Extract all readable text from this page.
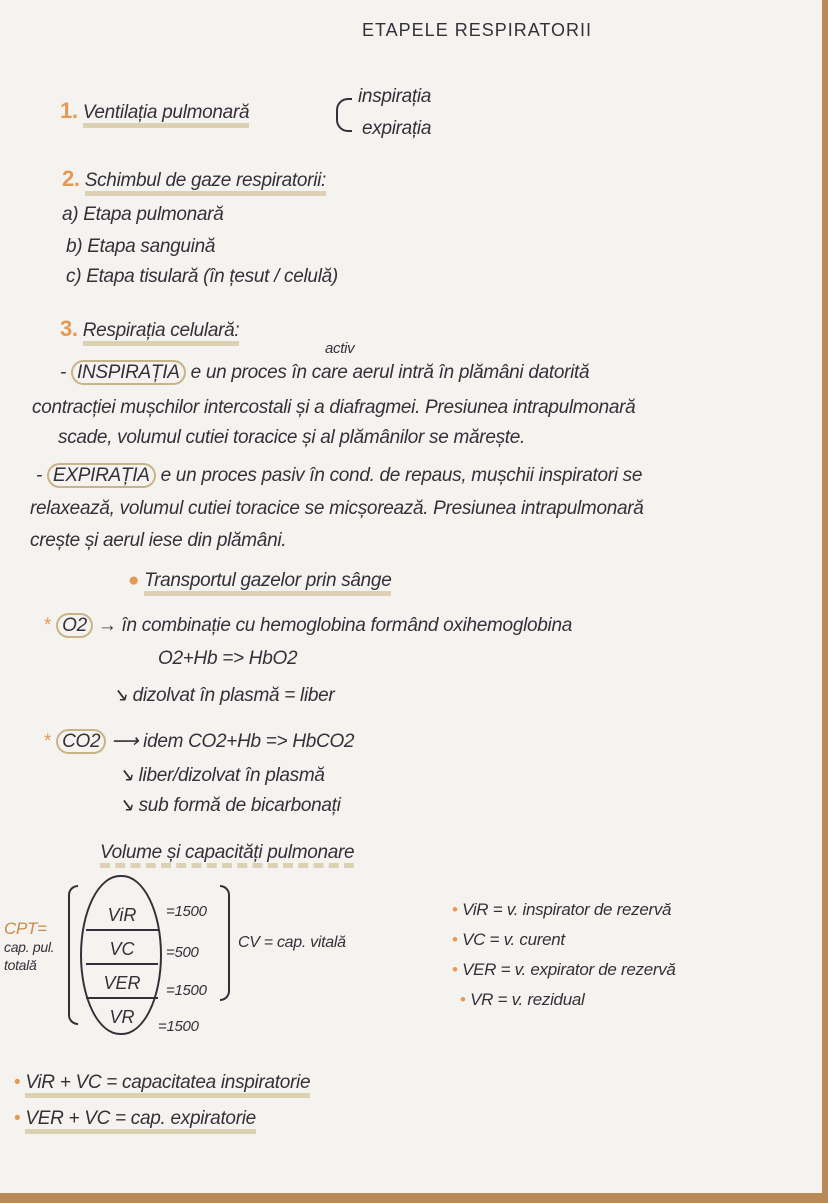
ETAPELE RESPIRATORII
1. Ventilația pulmonară
inspirația
expirația
2. Schimbul de gaze respiratorii:
a) Etapa pulmonară
b) Etapa sanguină
c) Etapa tisulară (în țesut / celulă)
3. Respirația celulară:
activ
- INSPIRAȚIA e un proces în care aerul intră în plămâni datorită
contracției mușchilor intercostali și a diafragmei. Presiunea intrapulmonară
scade, volumul cutiei toracice și al plămânilor se mărește.
- EXPIRAȚIA e un proces pasiv în cond. de repaus, mușchii inspiratori se
relaxează, volumul cutiei toracice se micșorează. Presiunea intrapulmonară
crește și aerul iese din plămâni.
● Transportul gazelor prin sânge
* O2 → în combinație cu hemoglobina formând oxihemoglobina
O2+Hb => HbO2
↘ dizolvat în plasmă = liber
* CO2 ⟶ idem CO2+Hb => HbCO2
↘ liber/dizolvat în plasmă
↘ sub formă de bicarbonați
Volume și capacități pulmonare
CPT=
cap. pul.
totală
ViR
VC
VER
VR
=1500
=500
=1500
=1500
CV = cap. vitală
• ViR = v. inspirator de rezervă
• VC = v. curent
• VER = v. expirator de rezervă
• VR = v. rezidual
• ViR + VC = capacitatea inspiratorie
• VER + VC = cap. expiratorie
